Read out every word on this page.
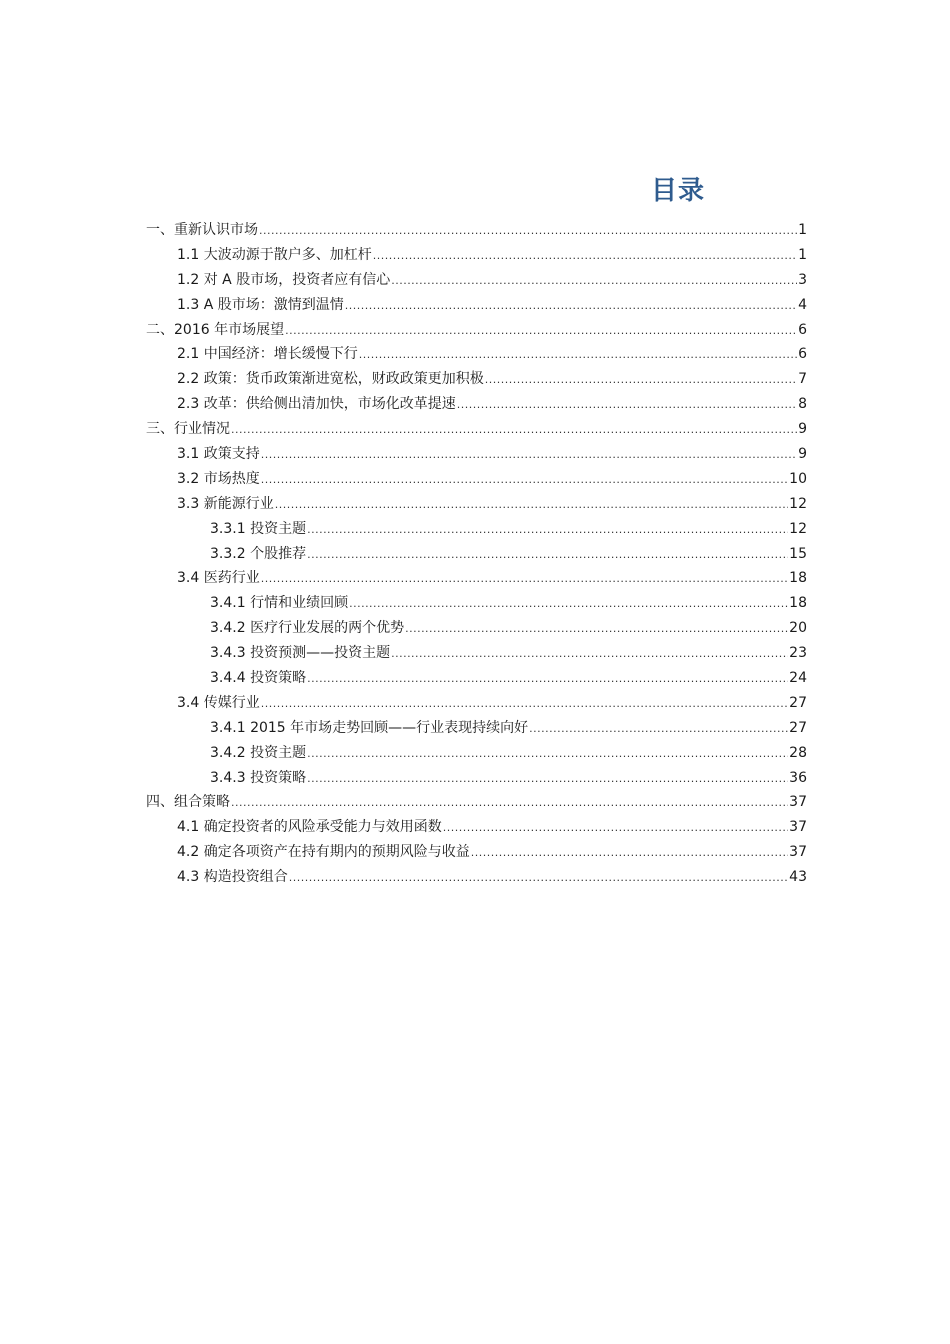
目录
一、重新认识市场 .....	1
1.1 大波动源于散户多、加杠杆 .....	1
1.2 对 A 股市场，投资者应有信心 .....	3
1.3 A 股市场：激情到温情 .....	4
二、2016 年市场展望 .....	6
2.1 中国经济：增长缓慢下行 .....	6
2.2 政策：货币政策渐进宽松，财政政策更加积极 .....	7
2.3 改革：供给侧出清加快，市场化改革提速 .....	8
三、行业情况 .....	9
3.1 政策支持 .....	9
3.2 市场热度 .....	10
3.3 新能源行业 .....	12
3.3.1 投资主题 .....	12
3.3.2 个股推荐 .....	15
3.4 医药行业 .....	18
3.4.1 行情和业绩回顾 .....	18
3.4.2 医疗行业发展的两个优势 .....	20
3.4.3 投资预测——投资主题 .....	23
3.4.4 投资策略 .....	24
3.4 传媒行业 .....	27
3.4.1 2015 年市场走势回顾——行业表现持续向好 .....	27
3.4.2 投资主题 .....	28
3.4.3 投资策略 .....	36
四、组合策略 .....	37
4.1 确定投资者的风险承受能力与效用函数 .....	37
4.2 确定各项资产在持有期内的预期风险与收益 .....	37
4.3 构造投资组合 .....	43
